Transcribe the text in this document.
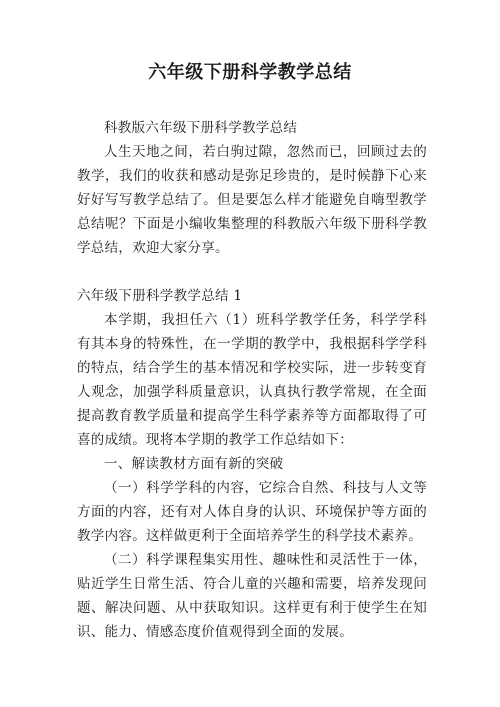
六年级下册科学教学总结

科教版六年级下册科学教学总结

人生天地之间，若白驹过隙，忽然而已，回顾过去的教学，我们的收获和感动是弥足珍贵的，是时候静下心来好好写写教学总结了。但是要怎么样才能避免自嗨型教学总结呢？下面是小编收集整理的科教版六年级下册科学教学总结，欢迎大家分享。

六年级下册科学教学总结 1

本学期，我担任六（1）班科学教学任务，科学学科有其本身的特殊性，在一学期的教学中，我根据科学学科的特点，结合学生的基本情况和学校实际，进一步转变育人观念，加强学科质量意识，认真执行教学常规，在全面提高教育教学质量和提高学生科学素养等方面都取得了可喜的成绩。现将本学期的教学工作总结如下：

一、解读教材方面有新的突破

（一）科学学科的内容，它综合自然、科技与人文等方面的内容，还有对人体自身的认识、环境保护等方面的教学内容。这样做更利于全面培养学生的科学技术素养。

（二）科学课程集实用性、趣味性和灵活性于一体，贴近学生日常生活、符合儿童的兴趣和需要，培养发现问题、解决问题、从中获取知识。这样更有利于使学生在知识、能力、情感态度价值观得到全面的发展。
